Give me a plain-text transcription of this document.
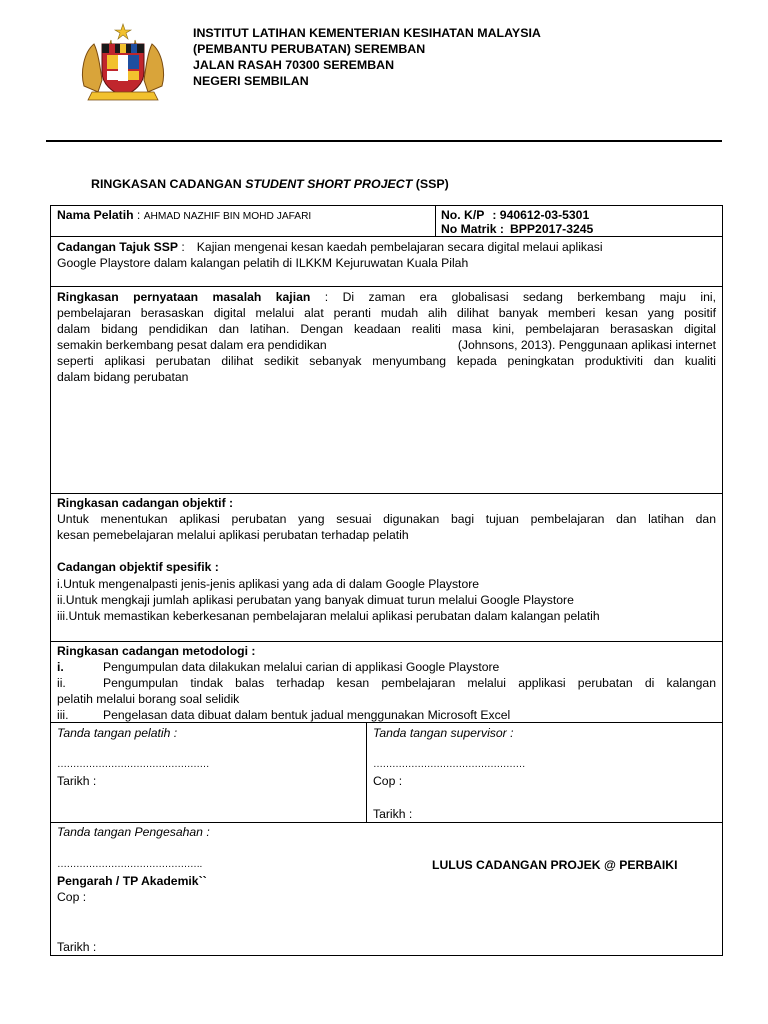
INSTITUT LATIHAN KEMENTERIAN KESIHATAN MALAYSIA
(PEMBANTU PERUBATAN) SEREMBAN
JALAN RASAH 70300 SEREMBAN
NEGERI SEMBILAN
RINGKASAN CADANGAN STUDENT SHORT PROJECT (SSP)
Nama Pelatih : AHMAD NAZHIF BIN MOHD JAFARI	No. K/P : 940612-03-5301
No Matrik : BPP2017-3245
Cadangan Tajuk SSP : Kajian mengenai kesan kaedah pembelajaran secara digital melaui aplikasi
Google Playstore dalam kalangan pelatih di ILKKM Kejuruwatan Kuala Pilah
Ringkasan pernyataan masalah kajian : Di zaman era globalisasi sedang berkembang maju ini,
pembelajaran berasaskan digital melalui alat peranti mudah alih dilihat banyak memberi kesan yang positif
dalam bidang pendidikan dan latihan. Dengan keadaan realiti masa kini, pembelajaran berasaskan digital
semakin berkembang pesat dalam era pendidikan	(Johnsons, 2013). Penggunaan aplikasi internet
seperti aplikasi perubatan dilihat sedikit sebanyak menyumbang kepada peningkatan produktiviti dan kualiti
dalam bidang perubatan
Ringkasan cadangan objektif :
Untuk menentukan aplikasi perubatan yang sesuai digunakan bagi tujuan pembelajaran dan latihan dan
kesan pemebelajaran melalui aplikasi perubatan terhadap pelatih
Cadangan objektif spesifik :
i.Untuk mengenalpasti jenis-jenis aplikasi yang ada di dalam Google Playstore
ii.Untuk mengkaji jumlah aplikasi perubatan yang banyak dimuat turun melalui Google Playstore
iii.Untuk memastikan keberkesanan pembelajaran melalui aplikasi perubatan dalam kalangan pelatih
Ringkasan cadangan metodologi :
i.	Pengumpulan data dilakukan melalui carian di applikasi Google Playstore
ii.	Pengumpulan tindak balas terhadap kesan pembelajaran melalui applikasi perubatan di kalangan
pelatih melalui borang soal selidik
iii.	Pengelasan data dibuat dalam bentuk jadual menggunakan Microsoft Excel
Tanda tangan pelatih :
…………………………………………
Tarikh :
Tanda tangan supervisor :
…………………………………………
Cop :
Tarikh :
Tanda tangan Pengesahan :
……………………………………….	LULUS CADANGAN PROJEK @ PERBAIKI
Pengarah / TP Akademik``
Cop :
Tarikh :
